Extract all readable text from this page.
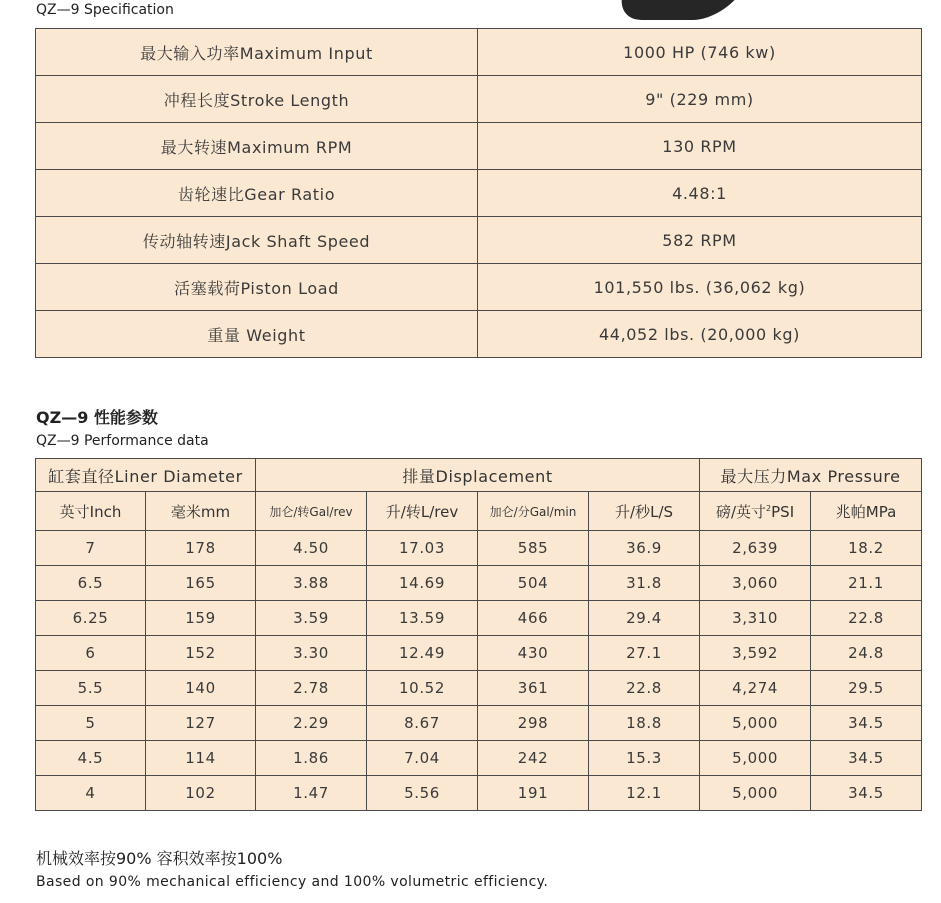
QZ—9 Specification
最大输入功率Maximum Input	1000 HP (746 kw)
冲程长度Stroke Length	9" (229 mm)
最大转速Maximum RPM	130 RPM
齿轮速比Gear Ratio	4.48:1
传动轴转速Jack Shaft Speed	582 RPM
活塞载荷Piston Load	101,550 lbs. (36,062 kg)
重量 Weight	44,052 lbs. (20,000 kg)
QZ—9 性能参数
QZ—9 Performance data
缸套直径Liner Diameter		排量Displacement				最大压力Max Pressure	
英寸Inch	毫米mm	加仑/转Gal/rev	升/转L/rev	加仑/分Gal/min	升/秒L/S	磅/英寸$^2$PSI	兆帕MPa
7	178	4.50	17.03	585	36.9	2,639	18.2
6.5	165	3.88	14.69	504	31.8	3,060	21.1
6.25	159	3.59	13.59	466	29.4	3,310	22.8
6	152	3.30	12.49	430	27.1	3,592	24.8
5.5	140	2.78	10.52	361	22.8	4,274	29.5
5	127	2.29	8.67	298	18.8	5,000	34.5
4.5	114	1.86	7.04	242	15.3	5,000	34.5
4	102	1.47	5.56	191	12.1	5,000	34.5
机械效率按90% 容积效率按100%
Based on 90% mechanical efficiency and 100% volumetric efficiency.
